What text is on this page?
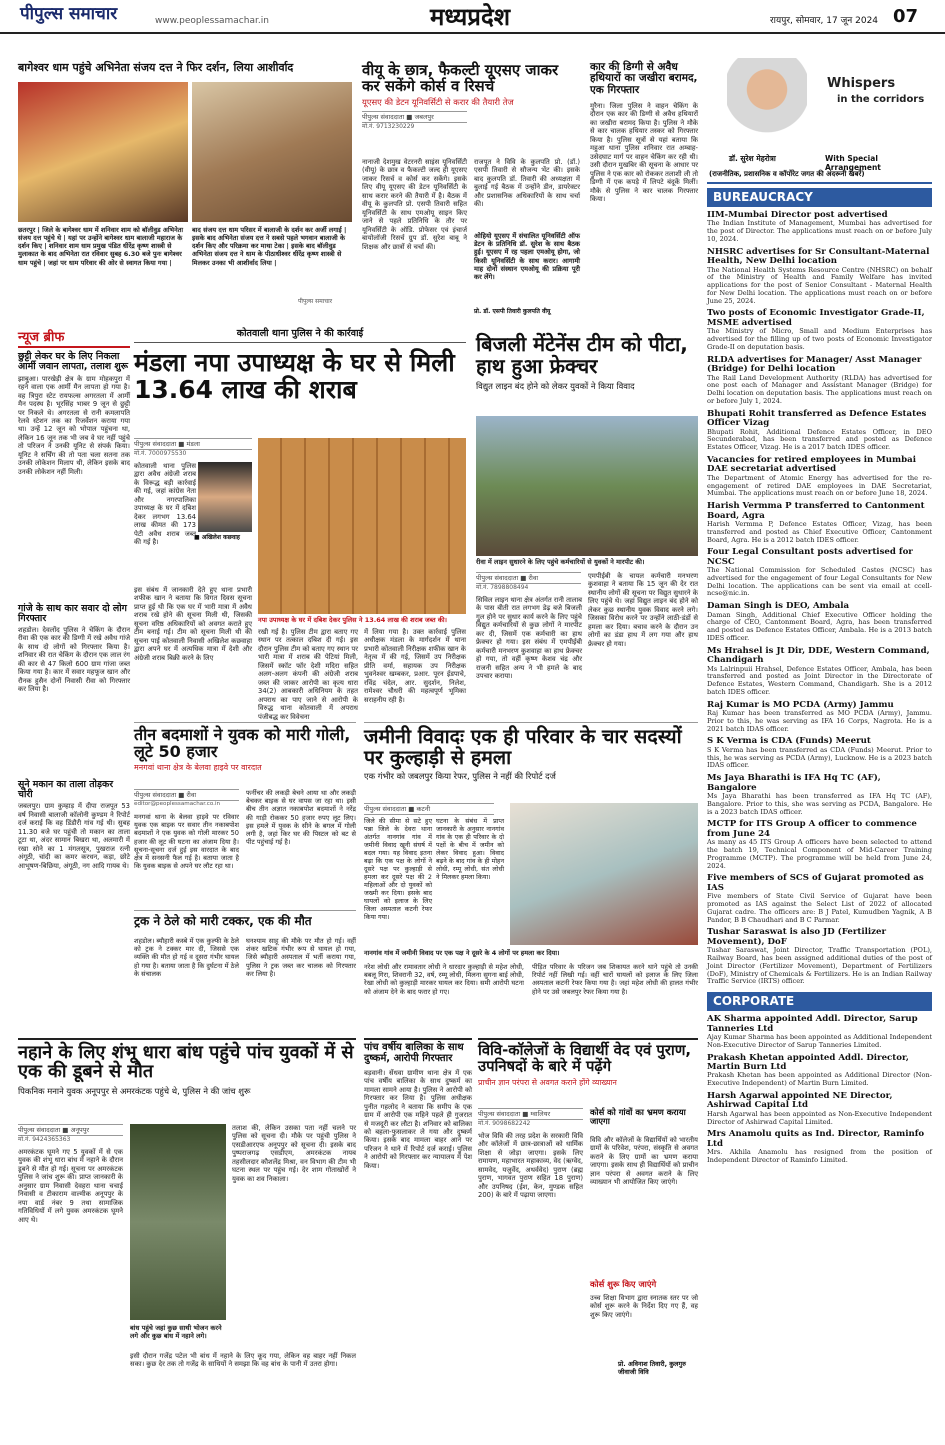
पीपुल्स समाचार	www.peoplessamachar.in	मध्यप्रदेश	रायपुर, सोमवार, 17 जून 2024 07
बागेश्वर धाम पहुंचे अभिनेता संजय दत्त ने फिर दर्शन, लिया आशीर्वाद
छतरपुर | जिले के बागेश्वर धाम में शनिवार शाम को बॉलीवुड अभिनेता संजय दत्त पहुंचे थे | यहां पर उन्होंने बागेश्वर धाम बालाजी महाराज के दर्शन किए | शनिवार शाम धाम प्रमुख पंडित धीरेंद्र कृष्ण शास्त्री से मुलाकात के बाद अभिनेता रात रविवार सुबह 6.30 बजे पुनः बागेश्वर धाम पहुंचे | जहां पर धाम परिवार की ओर से स्वागत किया गया |
बाद संजय दत्त धाम परिसर में बालाजी के दर्शन कर अर्जी लगाई | इसके बाद अभिनेता संजय दत्त ने सबसे पहले भगवान बालाजी के दर्शन किए और परिक्रमा कर माथा टेका | इसके बाद बॉलीवुड अभिनेता संजय दत्त ने धाम के पीठाधीश्वर धीरेंद्र कृष्ण शास्त्री से मिलकर उनका भी आशीर्वाद लिया |
पीपुल्स समाचार
वीयू के छात्र, फैकल्टी यूएसए जाकर कर सकेंगे कोर्स व रिसर्च
यूएसए की डेटन यूनिवर्सिटी से करार की तैयारी तेज
पीपुल्स संवाददाता ■ जबलपुर
मो.नं. 9713230229
नानाजी देशमुख वेटरनरी साइंस यूनिवर्सिटी (वीयू) के छात्र व फैकल्टी जल्द ही यूएसए जाकर रिसर्च व कोर्स कर सकेंगे। इसके लिए वीयू यूएसए की डेटन यूनिवर्सिटी के साथ करार करने की तैयारी में है। बैठक में वीयू के कुलपति प्रो. एसपी तिवारी सहित यूनिवर्सिटी के साथ एमओयू साइन किए जाने से पहले प्रतिनिधि के तौर पर यूनिवर्सिटी के ऑडि. प्रोफेसर एवं इंचार्ज बायोलॉजी रिसर्च ग्रुप डॉ. सुरेश बाबू ने शिक्षक और छात्रों से चर्चा की।
राजपूत ने विवि के कुलपति प्रो. (डॉ.) एसपी तिवारी से सौजन्य भेंट की। इसके बाद कुलपति डॉ. तिवारी की अध्यक्षता में बुलाई गई बैठक में उन्होंने डीन, डायरेक्टर और प्रशासनिक अधिकारियों के साथ चर्चा की।
ओहियो यूएसए में संचालित यूनिवर्सिटी ऑफ डेटन के प्रतिनिधि डॉ. सुरेश के साथ बैठक हुई। यूएसए में रह पहला एमओयू होगा, जो किसी यूनिवर्सिटी के साथ करार। आगामी माह दोनों संस्थान एमओयू की प्रक्रिया पूरी कर लेंगे।
प्रो. डॉ. एसपी तिवारी कुलपति वीयू
कार की डिग्गी से अवैध हथियारों का जखीरा बरामद, एक गिरफ्तार
मुरैना। जिला पुलिस ने वाहन चेकिंग के दौरान एक कार की डिग्गी से अवैध हथियारों का जखीरा बरामद किया है। पुलिस ने मौके से कार चालक हथियार तस्कर को गिरफ्तार किया है। पुलिस सूत्रों से यहां बताया कि महुआ थाना पुलिस शनिवार रात अम्बाह-उसेदघाट मार्ग पर वाहन चेकिंग कर रही थी। उसी दौरान मुखबिर की सूचना के आधार पर पुलिस ने एक कार को रोककर तलाशी ली तो डिग्गी में एक कपड़े में लिपटे बंदूकें मिलीं। मौके से पुलिस ने कार चालक गिरफ्तार किया।
न्यूज ब्रीफ
छुट्टी लेकर घर के लिए निकला आर्मी जवान लापता, तलाश शुरू
झाबुआ। पारखेड़ी क्षेत्र के ग्राम मोहकपुरा में रहने वाला एक आर्मी मैन लापता हो गया है। वह त्रिपुरा स्टेट रायफल्स अगरतला में आर्मी मैन पदस्थ है। भूरसिंह भाबर 9 जून से छुट्टी पर निकले थे। अगरतला से रानी कमलापति रेलवे स्टेशन तक का रिजर्वेशन कराया गया था। उन्हें 12 जून को भोपाल पहुंचना था, लेकिन 16 जून तक भी जब वे घर नहीं पहुंचे तो परिजन ने उनकी यूनिट से संपर्क किया। यूनिट ने सर्चिंग की तो पता चला सतना तक उनकी लोकेशन मिलाप थी, लेकिन इसके बाद उनकी लोकेशन नहीं मिली।
गांजे के साथ कार सवार दो लोग गिरफ्तार
शहडोल। देवलोंद पुलिस ने चेकिंग के दौरान रीवा की एक कार की डिग्गी में रखे अवैध गांजे के साथ दो लोगों को गिरफ्तार किया है। शनिवार की रात चेकिंग के दौरान एक लाल रंग की कार से 47 किलो 600 ग्राम गांजा जब्त किया गया है। कार में सवार महफूज खान और रौनक हुसैन दोनों निवासी रीवा को गिरफ्तार कर लिया है।
सूने मकान का ताला तोड़कर चोरी
जबलपुर। ग्राम कुम्हाड़ में दीपा राजपूत 53 वर्ष निवासी बालाजी कॉलोनी कुण्डम ने रिपोर्ट दर्ज कराई कि वह डिंडौरी गांव गई थी। सुबह 11.30 बजे घर पहुंची तो मकान का ताला टूटा था, अंदर सामान बिखरा था, अलमारी में रखा सोने का 1 मंगलसूत्र, पुखराज रत्नी अंगूठी, चांदी का कमर करधन, कड़ा, छोटे आभूषण-बिछिया, अंगूठी, नग आदि गायब थे।
कोतवाली थाना पुलिस ने की कार्रवाई
मंडला नपा उपाध्यक्ष के घर से मिली 13.64 लाख की शराब
पीपुल्स संवाददाता ■ मंडला
मो.नं. 7000975530
कोतवाली थाना पुलिस द्वारा अवैध अंग्रेजी शराब के विरूद्ध बड़ी कार्रवाई की गई, जहां कांग्रेस नेता और नगरपालिका उपाध्यक्ष के घर में दबिश देकर लगभग 13.64 लाख कीमत की 173 पेटी अवैध शराब जब्त की गई है।
■ अखिलेश कछवाह
नपा उपाध्यक्ष के घर में दबिश देकर पुलिस ने 13.64 लाख की शराब जब्त की।
इस संबंध में जानकारी देते हुए थाना प्रभारी शफीक खान ने बताया कि विगत दिवस सूचना प्राप्त हुई थी कि एक घर में भारी मात्रा में अवैध शराब रखे होने की सूचना मिली थी, जिसकी सूचना वरिष्ठ अधिकारियों को अवगत कराते हुए टीम बनाई गई। टीम को सूचना मिली थी की सूचना पाई कोतवाली निवासी अखिलेश कछवाहा द्वारा अपने घर में अत्यधिक मात्रा में देशी और अंग्रेजी शराब बिक्री करने के लिए
रखी गई है। पुलिस टीम द्वारा बताए गए स्थान पर तत्काल दबिश दी गई। इस दौरान पुलिस टीम को बताए गए स्थान पर भारी मात्रा में शराब की पेटियां मिली, जिसमें स्कॉट फॉर देशी मदिरा सहित अलग-अलग कंपनी की अंग्रेजी शराब जब्त की जाकर आरोपी का कृत्य धारा 34(2) आबकारी अधिनियम के तहत अपराध का पाए जाने से आरोपी के विरुद्ध थाना कोतवाली में अपराध पंजीबद्ध कर विवेचना
में लिया गया है। उक्त कार्रवाई पुलिस अधीक्षक मंडला के मार्गदर्शन में थाना प्रभारी कोतवाली निरीक्षक शफीक खान के नेतृत्व में की गई, जिसमें उप निरीक्षक प्रीति वर्मा, सहायक उप निरीक्षक भुवनेश्वर खम्बकर, प्रआर. पूरन ईडपाचे, रविंद्र चंदेल, आर. सुदर्शन, निलेश, रामेश्वर चौधरी की महत्वपूर्ण भूमिका सराहनीय रही है।
बिजली मेंटेनेंस टीम को पीटा, हाथ हुआ फ्रेक्चर
विद्युत लाइन बंद होने को लेकर युवकों ने किया विवाद
रीवा में लाइन सुधारने के लिए पहुंचे कर्मचारियों से युवकों ने मारपीट की।
पीपुल्स संवाददाता ■ रीवा
मो.नं. 7898808494
सिविल लाइन थाना क्षेत्र अंतर्गत रानी तालाब के पास बीती रात लगभग डेढ़ बजे बिजली गुल होने पर सुधार कार्य करने के लिए पहुंचे विद्युत कर्मचारियों से कुछ लोगों ने मारपीट कर दी, जिसमें एक कर्मचारी का हाथ फ्रेक्चर हो गया। इस संबंध में एमपीईबी कर्मचारी मनभरण कुशवाहा का हाथ फ्रेक्चर हो गया, तो वहीं कृष्ण केशव चंद्र और राजनी सहित अन्य ने भी हमले के बाद उपचार कराया।
एमपीईबी के चायल कर्मचारी मनभरण कुशवाहा ने बताया कि 15 जून की देर रात स्थानीय लोगों की सूचना पर विद्युत सुधारने के लिए पहुंचे थे। जहां विद्युत लाइन बंद होने को लेकर कुछ स्थानीय युवक विवाद करने लगे। जिसका विरोध करने पर उन्होंने लाठी-डंडों से हमला कर दिया। बचाव करने के दौरान उन लोगों का डंडा हाथ में लग गया और हाथ फ्रेक्चर हो गया।
तीन बदमाशों ने युवक को मारी गोली, लूटे 50 हजार
मनगवां थाना क्षेत्र के बेलवा हाइवे पर वारदात
पीपुल्स संवाददाता ■ रीवा
editor@peoplessamachar.co.in
मनगवां थाना के बेलवा हाइवे पर रविवार युवक एक बाइक पर सवार तीन नकाबपोश बदमाशों ने एक युवक को गोली मारकर 50 हजार की लूट की घटना का अंजाम दिया है। सूचना-सूचना दर्ज हुई इस वारदात के बाद क्षेत्र में सनसनी फैल गई है। बताया जाता है कि युवक बाइक से अपने घर लौट रहा था।
फर्नीचर की लकड़ी बेचने आया था और लकड़ी बेचकर बाइक से घर वापस जा रहा था। इसी बीच तीन अज्ञात नकाबपोश बदमाशों ने नरेंद्र की गाड़ी रोककर 50 हजार रुपए लूट लिए। इस हमले में युवक के सीने के बगल में गोली लगी है, जहां किर घर की पिस्टल को बट से पीट पहुंचाई गई है।
ट्रक ने ठेले को मारी टक्कर, एक की मौत
शहडोल। ब्यौहारी कस्बे में एक कुल्फी के ठेले को ट्रक ने टक्कर मार दी, जिससे एक व्यक्ति की मौत हो गई व दूसरा गंभीर घायल हो गया है। बताया जाता है कि दुर्घटना में ठेले के संचालक
घनश्याम साहू की मौके पर मौत हो गई। वहीं शंकर खटिक गंभीर रूप से घायल हो गया, जिसे ब्यौहारी अस्पताल में भर्ती कराया गया, पुलिस ने ट्रक जब्त कर चालक को गिरफ्तार कर लिया है।
जमीनी विवादः एक ही परिवार के चार सदस्यों पर कुल्हाड़ी से हमला
एक गंभीर को जबलपुर किया रेफर, पुलिस ने नहीं की रिपोर्ट दर्ज
पीपुल्स संवाददाता ■ कटनी
जिले की सीमा से सटे हुए पन्ना जिले के देवरा थाना अंतर्गत नानगांव गांव में जमीनी विवाद खूनी संघर्ष में बदल गया। यह विवाद इतना बढ़ा कि एक पक्ष के लोगों ने दूसरे पक्ष पर कुल्हाड़ी से हमला कर दूसरे पक्ष की 2 महिलाओं और दो युवकों को जख्मी कर दिया। इसके बाद घायलों को इलाज के लिए जिला अस्पताल कटनी रेफर किया गया।
घटना के संबंध में प्राप्त जानकारी के अनुसार नानगांव गांव के एक ही परिवार के दो पक्षों के बीच में जमीन को लेकर विवाद हुआ। विवाद बढ़ने के बाद गांव के ही मोहन लोधी, रम्मू लोधी, संत लोधी ने मिलकर हमला किया।
नानगांव गांव में जमीनी विवाद पर एक पक्ष ने दूसरे के 4 लोगों पर हमला कर दिया।
नरेश लोधी और रामावतार लोधी ने धारदार कुल्हाड़ी से महेश लोधी, बबलू गिरा, शिवरानी 32, वर्ष, रम्मू लोधी, मिलना सुगना बाई लोधी, रेखा लोधी को कुल्हाड़ी मारकर घायल कर दिया। समी आरोपी घटना को अंजाम देने के बाद फरार हो गए।
पीड़ित परिवार के परिजन जब शिकायत करने थाने पहुंचे तो उनकी रिपोर्ट नहीं लिखी गई। वहीं चारों घायलों को इलाज के लिए जिला अस्पताल कटनी रेफर किया गया है। जहां महेश लोधी की हालत गंभीर होने पर उसे जबलपुर रेफर किया गया है।
नहाने के लिए शंभू धारा बांध पहुंचे पांच युवकों में से एक की डूबने से मौत
पिकनिक मनाने युवक अनूपपुर से अमरकंटक पहुंचे थे, पुलिस ने की जांच शुरू
पीपुल्स संवाददाता ■ अनूपपुर
मो.नं. 9424365363
अमरकंटक घूमने गए 5 युवकों में से एक युवक की शंभू धारा बांध में नहाने के दौरान डूबने से मौत हो गई। सूचना पर अमरकंटक पुलिस ने जांच शुरू की। प्राप्त जानकारी के अनुसार ग्राम निवासी देवहरा थाना चचाई निवासी व टीकाराम वाल्मीक अनूपपुर के नपा वार्ड नंबर 9 तथा सामाजिक गतिविधियों में लगे युवक अमरकंटक घूमने आए थे।
तलाश की, लेकिन उसका पता नहीं चलने पर पुलिस को सूचना दी। मौके पर पहुंची पुलिस ने एसडीआरएफ अनूपपुर को सूचना दी। इसके बाद पुष्पराजगढ़ एसडीएम, अमरकंटक नायब तहसीलदार कौशलेंद्र मिश्रा, वन विभाग की टीम भी घटना स्थल पर पहुंच गई। देर शाम गोताखोरों ने युवक का शव निकाला।
बांध पहुंचे जहां कुछ साथी भोजन करने लगे और कुछ बांध में नहाने लगे।
इसी दौरान गजेंद्र पटेल भी बांध में नहाने के लिए कूद गया, लेकिन वह बाहर नहीं निकल सका। कुछ देर तक तो गजेंद्र के साथियों ने समझा कि वह बांध के पानी में उतरा होगा।
पांच वर्षीय बालिका के साथ दुष्कर्म, आरोपी गिरफ्तार
बड़वानी। सेंधवा ग्रामीण थाना क्षेत्र में एक पांच वर्षीय बालिका के साथ दुष्कर्म का मामला सामने आया है। पुलिस ने आरोपी को गिरफ्तार कर लिया है। पुलिस अधीक्षक पुनीत गहलोद ने बताया कि समीप के एक ग्राम में आरोपी एक महिने पहले ही गुजरात से मजदूरी कर लौटा है। शनिवार को बालिका को बहला-फुसलाकर ले गया और दुष्कर्म किया। इसके बाद मामला बाहर आने पर परिजन ने थाने में रिपोर्ट दर्ज कराई। पुलिस ने आरोपी को गिरफ्तार कर न्यायालय में पेश किया।
विवि-कॉलेजों के विद्यार्थी वेद एवं पुराण, उपनिषदों के बारे में पढ़ेंगे
प्राचीन ज्ञान परंपरा से अवगत कराने होंगे व्याख्यान
पीपुल्स संवाददाता ■ ग्वालियर
मो.नं. 9098682242
भोज विवि की तरह प्रदेश के सरकारी विवि और कॉलेजों में छात्र-छात्राओं को धार्मिक शिक्षा से जोड़ा जाएगा। इसके लिए रामायण, महाभारत महाकाव्य, वेद (ऋग्वेद, सामवेद, यजुर्वेद, अथर्ववेद) पुराण (ब्रह्म पुराण, भागवत पुराण सहित 18 पुराण) और उपनिषद (ईश, केन, मुण्डक सहित 200) के बारे में पढ़ाया जाएगा।
कोर्स को गांवों का भ्रमण कराया जाएगा
विवि और कॉलेजों के विद्यार्थियों को भारतीय ग्रामों के परिवेश, परंपरा, संस्कृति से अवगत कराने के लिए ग्रामों का भ्रमण कराया जाएगा। इसके साथ ही विद्यार्थियों को प्राचीन ज्ञान परंपरा से अवगत कराने के लिए व्याख्यान भी आयोजित किए जाएंगे।
कोर्स शुरू किए जाएंगे
उच्च शिक्षा विभाग द्वारा स्नातक स्तर पर जो कोर्स शुरू करने के निर्देश दिए गए हैं, वह शुरू किए जाएंगे।
प्रो. अविनाश तिवारी, कुलगुरु जीवाजी विवि
Whispers
in the corridors
डॉ. सुरेश मेहरोत्रा	With Special Arrangement
(राजनीतिक, प्रशासनिक व कॉर्पोरेट जगत की अंदरूनी खबरें)
BUREAUCRACY
IIM-Mumbai Director post advertised

The Indian Institute of Management, Mumbai has advertised for the post of Director. The applications must reach on or before July 10, 2024.

NHSRC advertises for Sr Consultant-Maternal Health, New Delhi location

The National Health Systems Resource Centre (NHSRC) on behalf of the Ministry of Health and Family Welfare has invited applications for the post of Senior Consultant - Maternal Health for New Delhi location. The applications must reach on or before June 25, 2024.

Two posts of Economic Investigator Grade-II, MSME advertised

The Ministry of Micro, Small and Medium Enterprises has advertised for the filling up of two posts of Economic Investigator Grade-II on deputation basis.

RLDA advertises for Manager/ Asst Manager (Bridge) for Delhi location

The Rail Land Development Authority (RLDA) has advertised for one post each of Manager and Assistant Manager (Bridge) for Delhi location on deputation basis. The applications must reach on or before July 1, 2024.

Bhupati Rohit transferred as Defence Estates Officer Vizag

Bhupati Rohit, Additional Defence Estates Officer, in DEO Secunderabad, has been transferred and posted as Defence Estates Officer, Vizag. He is a 2017 batch IDES officer.

Vacancies for retired employees in Mumbai DAE secretariat advertised

The Department of Atomic Energy has advertised for the re-engagement of retired DAE employees in DAE Secretariat, Mumbai. The applications must reach on or before June 18, 2024.

Harish Vermma P transferred to Cantonment Board, Agra

Harish Vermma P, Defence Estates Officer, Vizag, has been transferred and posted as Chief Executive Officer, Cantonment Board, Agra. He is a 2012 batch IDES officer.

Four Legal Consultant posts advertised for NCSC

The National Commission for Scheduled Castes (NCSC) has advertised for the engagement of four Legal Consultants for New Delhi location. The applications can be sent via email at ccell-ncse@nic.in.

Daman Singh is DEO, Ambala

Daman Singh, Additional Chief Executive Officer holding the charge of CEO, Cantonment Board, Agra, has been transferred and posted as Defence Estates Officer, Ambala. He is a 2013 batch IDES officer.

Ms Hrahsel is Jt Dir, DDE, Western Command, Chandigarh

Ms Lalrinpuii Hrahsel, Defence Estates Officer, Ambala, has been transferred and posted as Joint Director in the Directorate of Defence Estates, Western Command, Chandigarh. She is a 2012 batch IDES officer.

Raj Kumar is MO PCDA (Army) Jammu

Raj Kumar has been transferred as MO PCDA (Army), Jammu. Prior to this, he was serving as IFA 16 Corps, Nagrota. He is a 2021 batch IDAS officer.

S K Verma is CDA (Funds) Meerut

S K Verma has been transferred as CDA (Funds) Meerut. Prior to this, he was serving as PCDA (Army), Lucknow. He is a 2023 batch IDAS officer.

Ms Jaya Bharathi is IFA Hq TC (AF), Bangalore

Ms Jaya Bharathi has been transferred as IFA Hq TC (AF), Bangalore. Prior to this, she was serving as PCDA, Bangalore. He is a 2023 batch IDAS officer.

MCTP for ITS Group A officer to commence from June 24

As many as 45 ITS Group A officers have been selected to attend the batch 19, Technical Component of Mid-Career Training Programme (MCTP). The programme will be held from June 24, 2024.

Five members of SCS of Gujarat promoted as IAS

Five members of State Civil Service of Gujarat have been promoted as IAS against the Select List of 2022 of allocated Gujarat cadre. The officers are: B J Patel, Kumudben Yagnik, A B Pandor, B B Chaudhari and B C Parmar.

Tushar Saraswat is also JD (Fertilizer Movement), DoF

Tushar Saraswat, Joint Director, Traffic Transportation (POL), Railway Board, has been assigned additional duties of the post of Joint Director (Fertilizer Movement), Department of Fertilizers (DoF), Ministry of Chemicals & Fertilizers. He is an Indian Railway Traffic Service (IRTS) officer.

CORPORATE
AK Sharma appointed Addl. Director, Sarup Tanneries Ltd

Ajay Kumar Sharma has been appointed as Additional Independent Non-Executive Director of Sarup Tanneries Limited.

Prakash Khetan appointed Addl. Director, Martin Burn Ltd

Prakash Khetan has been appointed as Additional Director (Non-Executive Independent) of Martin Burn Limited.

Harsh Agarwal appointed NE Director, Ashirwad Capital Ltd

Harsh Agarwal has been appointed as Non-Executive Independent Director of Ashirwad Capital Limited.

Mrs Anamolu quits as Ind. Director, Raminfo Ltd

Mrs. Akhila Anamolu has resigned from the position of Independent Director of Raminfo Limited.
